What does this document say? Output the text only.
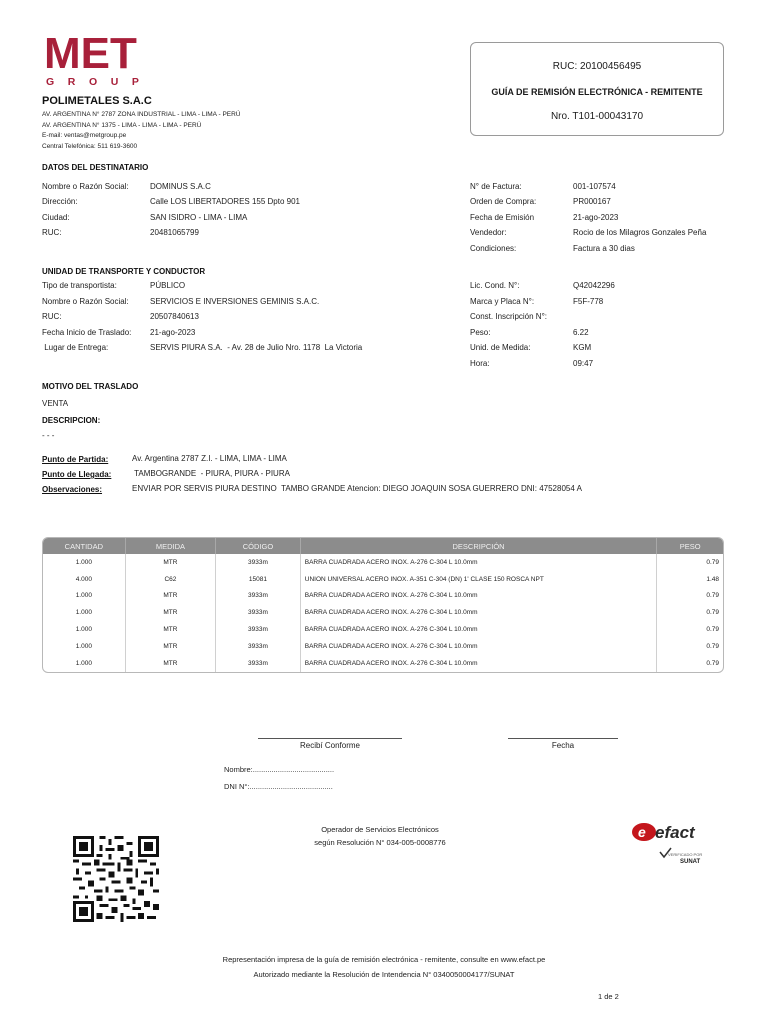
MET
GROUP
POLIMETALES S.A.C
AV. ARGENTINA N° 2787 ZONA INDUSTRIAL - LIMA - LIMA - PERÚ
AV. ARGENTINA N° 1375 - LIMA - LIMA - LIMA - PERÚ
E-mail: ventas@metgroup.pe
Central Telefónica: 511 619-3600
RUC: 20100456495
GUÍA DE REMISIÓN ELECTRÓNICA - REMITENTE
Nro. T101-00043170
DATOS DEL DESTINATARIO
Nombre o Razón Social:	DOMINUS S.A.C
Dirección:	Calle LOS LIBERTADORES 155 Dpto 901
Ciudad:	SAN ISIDRO - LIMA - LIMA
RUC:	20481065799
N° de Factura:	001-107574
Orden de Compra:	PR000167
Fecha de Emisión	21-ago-2023
Vendedor:	Rocio de los Milagros Gonzales Peña
Condiciones:	Factura a 30 dias
UNIDAD DE TRANSPORTE Y CONDUCTOR
Tipo de transportista:	PÚBLICO
Nombre o Razón Social:	SERVICIOS E INVERSIONES GEMINIS S.A.C.
RUC:	20507840613
Fecha Inicio de Traslado: 21-ago-2023
Lugar de Entrega:	SERVIS PIURA S.A.  - Av. 28 de Julio Nro. 1178  La Victoria
Lic. Cond. N°:	Q42042296
Marca y Placa N°:	F5F-778
Const. Inscripción N°:
Peso:	6.22
Unid. de Medida:	KGM
Hora:	09:47
MOTIVO DEL TRASLADO
VENTA
DESCRIPCION:
- - -
Punto de Partida:	Av. Argentina 2787 Z.I. - LIMA, LIMA - LIMA
Punto de Llegada:	TAMBOGRANDE  - PIURA, PIURA - PIURA
Observaciones:	ENVIAR POR SERVIS PIURA DESTINO  TAMBO GRANDE Atencion: DIEGO JOAQUIN SOSA GUERRERO DNI: 47528054 A
CANTIDAD	MEDIDA	CÓDIGO	DESCRIPCIÓN	PESO
1.000	MTR	3933m	BARRA CUADRADA ACERO INOX. A-276 C-304 L 10.0mm	0.79
4.000	C62	15081	UNION UNIVERSAL ACERO INOX. A-351 C-304 (DN) 1' CLASE 150 ROSCA NPT	1.48
1.000	MTR	3933m	BARRA CUADRADA ACERO INOX. A-276 C-304 L 10.0mm	0.79
1.000	MTR	3933m	BARRA CUADRADA ACERO INOX. A-276 C-304 L 10.0mm	0.79
1.000	MTR	3933m	BARRA CUADRADA ACERO INOX. A-276 C-304 L 10.0mm	0.79
1.000	MTR	3933m	BARRA CUADRADA ACERO INOX. A-276 C-304 L 10.0mm	0.79
1.000	MTR	3933m	BARRA CUADRADA ACERO INOX. A-276 C-304 L 10.0mm	0.79
Recibí Conforme	Fecha
Nombre:.......................................
DNI N°:........................................
Operador de Servicios Electrónicos
según Resolución N° 034-005-0008776
e efact
VERIFICADO POR
SUNAT
Representación impresa de la guía de remisión electrónica - remitente, consulte en www.efact.pe
Autorizado mediante la Resolución de Intendencia N° 0340050004177/SUNAT
1 de 2
